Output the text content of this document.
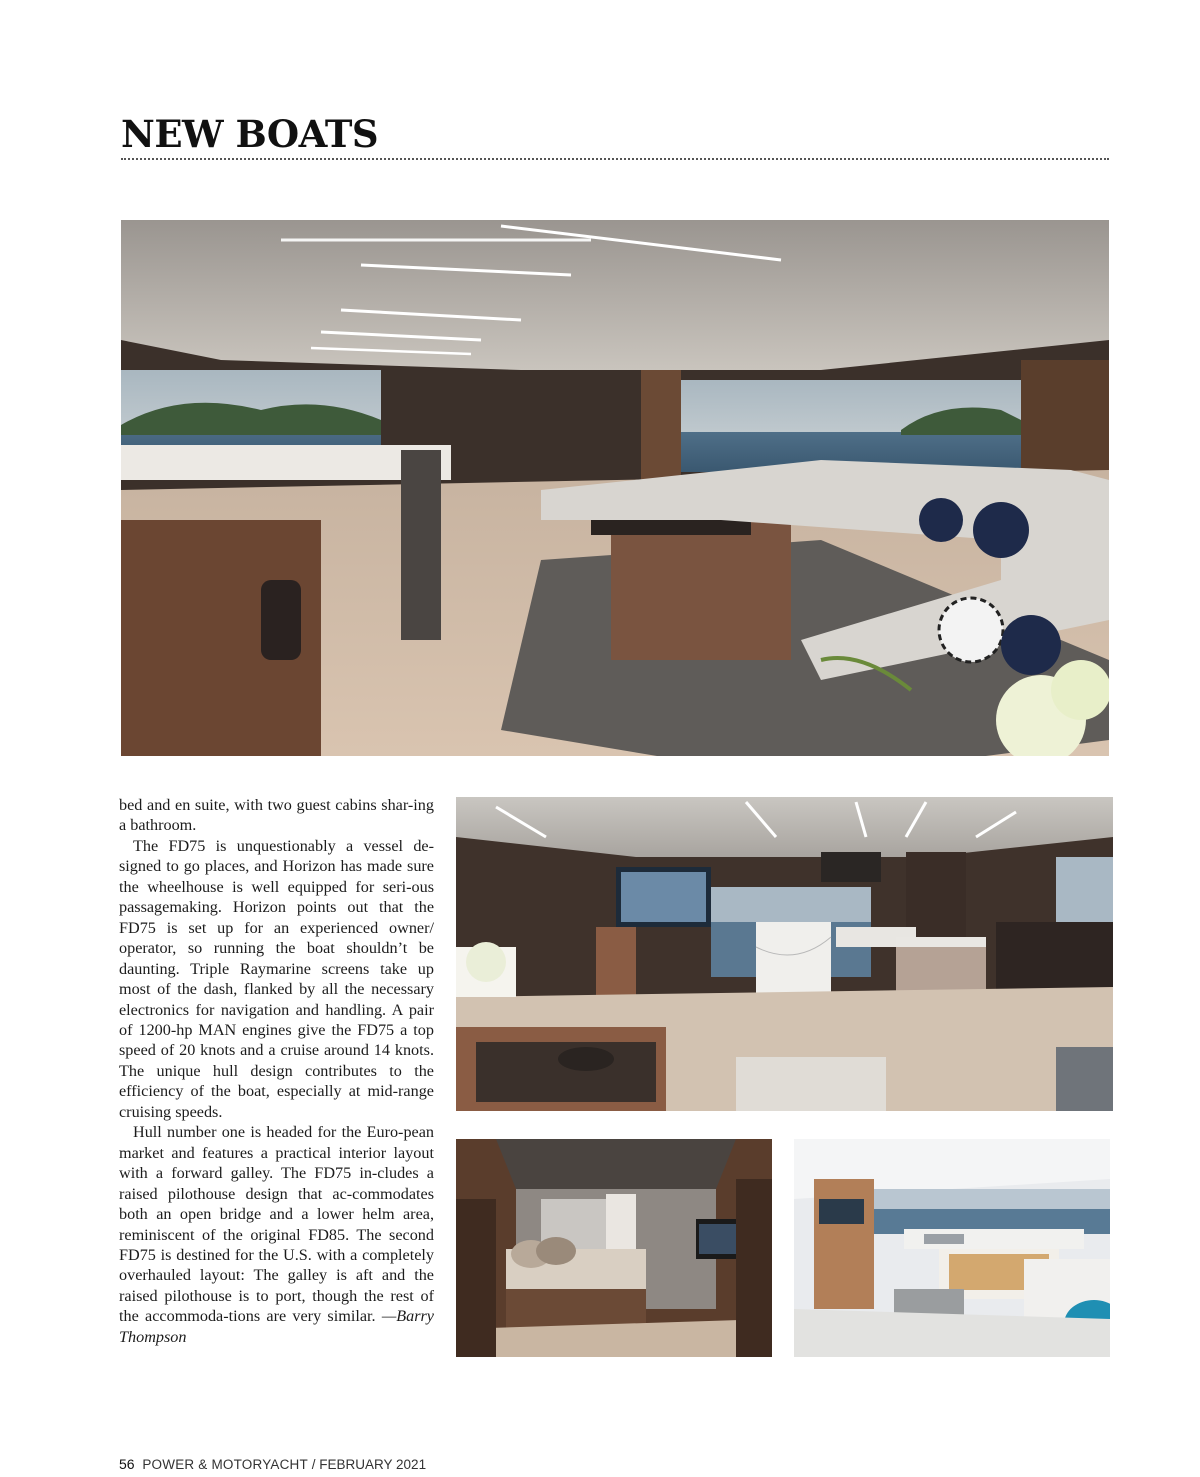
NEW BOATS

bed and en suite, with two guest cabins shar-ing a bathroom.

The FD75 is unquestionably a vessel de-signed to go places, and Horizon has made sure the wheelhouse is well equipped for seri-ous passagemaking. Horizon points out that the FD75 is set up for an experienced owner/ operator, so running the boat shouldn’t be daunting. Triple Raymarine screens take up most of the dash, flanked by all the necessary electronics for navigation and handling. A pair of 1200-hp MAN engines give the FD75 a top speed of 20 knots and a cruise around 14 knots. The unique hull design contributes to the efficiency of the boat, especially at mid-range cruising speeds.

Hull number one is headed for the Euro-pean market and features a practical interior layout with a forward galley. The FD75 in-cludes a raised pilothouse design that ac-commodates both an open bridge and a lower helm area, reminiscent of the original FD85. The second FD75 is destined for the U.S. with a completely overhauled layout: The galley is aft and the raised pilothouse is to port, though the rest of the accommoda-tions are very similar. —Barry Thompson

56 POWER & MOTORYACHT / FEBRUARY 2021
